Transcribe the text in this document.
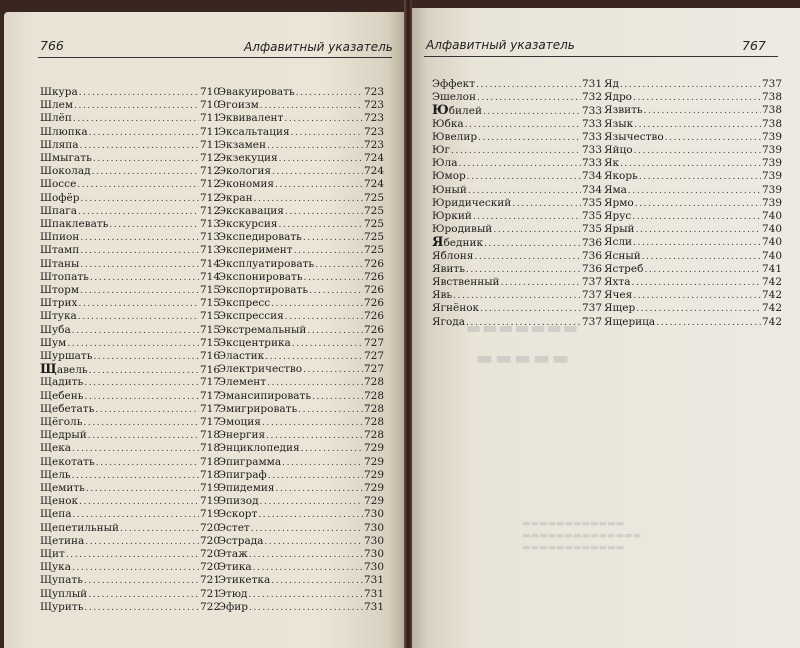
766	Алфавитный указатель
Шкура .....	710
Шлем .....	710
Шлёп .....	711
Шлюпка .....	711
Шляпа .....	711
Шмыгать .....	712
Шоколад .....	712
Шоссе .....	712
Шофёр .....	712
Шпага .....	712
Шпаклевать .....	713
Шпион .....	713
Штамп .....	713
Штаны .....	714
Штопать .....	714
Шторм .....	715
Штрих .....	715
Штука .....	715
Шуба .....	715
Шум .....	715
Шуршать .....	716
Щавель .....	716
Щадить .....	717
Щебень .....	717
Щебетать .....	717
Щёголь .....	717
Щедрый .....	718
Щека .....	718
Щекотать .....	718
Щель .....	718
Щемить .....	719
Щенок .....	719
Щепа .....	719
Щепетильный .....	720
Щетина .....	720
Щит .....	720
Щука .....	720
Щупать .....	721
Щуплый .....	721
Щурить .....	722
Эвакуировать .....	723
Эгоизм .....	723
Эквивалент .....	723
Эксальтация .....	723
Экзамен .....	723
Экзекуция .....	724
Экология .....	724
Экономия .....	724
Экран .....	725
Экскавация .....	725
Экскурсия .....	725
Экспедировать .....	725
Эксперимент .....	725
Эксплуатировать .....	726
Экспонировать .....	726
Экспортировать .....	726
Экспресс .....	726
Экспрессия .....	726
Экстремальный .....	726
Эксцентрика .....	727
Эластик .....	727
Электричество .....	727
Элемент .....	728
Эмансипировать .....	728
Эмигрировать .....	728
Эмоция .....	728
Энергия .....	728
Энциклопедия .....	729
Эпиграмма .....	729
Эпиграф .....	729
Эпидемия .....	729
Эпизод .....	729
Эскорт .....	730
Эстет .....	730
Эстрада .....	730
Этаж .....	730
Этика .....	730
Этикетка .....	731
Этюд .....	731
Эфир .....	731
Алфавитный указатель	767
Эффект .....	731
Эшелон .....	732
Юбилей .....	733
Юбка .....	733
Ювелир .....	733
Юг .....	733
Юла .....	733
Юмор .....	734
Юный .....	734
Юридический .....	735
Юркий .....	735
Юродивый .....	735
Ябедник .....	736
Яблоня .....	736
Явить .....	736
Явственный .....	737
Явь .....	737
Ягнёнок .....	737
Ягода .....	737
Яд .....	737
Ядро .....	738
Язвить .....	738
Язык .....	738
Язычество .....	739
Яйцо .....	739
Як .....	739
Якорь .....	739
Яма .....	739
Ярмо .....	739
Ярус .....	740
Ярый .....	740
Ясли .....	740
Ясный .....	740
Ястреб .....	741
Яхта .....	742
Ячея .....	742
Ящер .....	742
Ящерица .....	742
▬▬▬▬▬▬▬
▬▬▬▬▬
▬▬▬▬▬▬▬▬▬▬▬▬
▬▬▬▬▬▬▬▬▬▬▬▬▬▬
▬▬▬▬▬▬▬▬▬▬▬▬
